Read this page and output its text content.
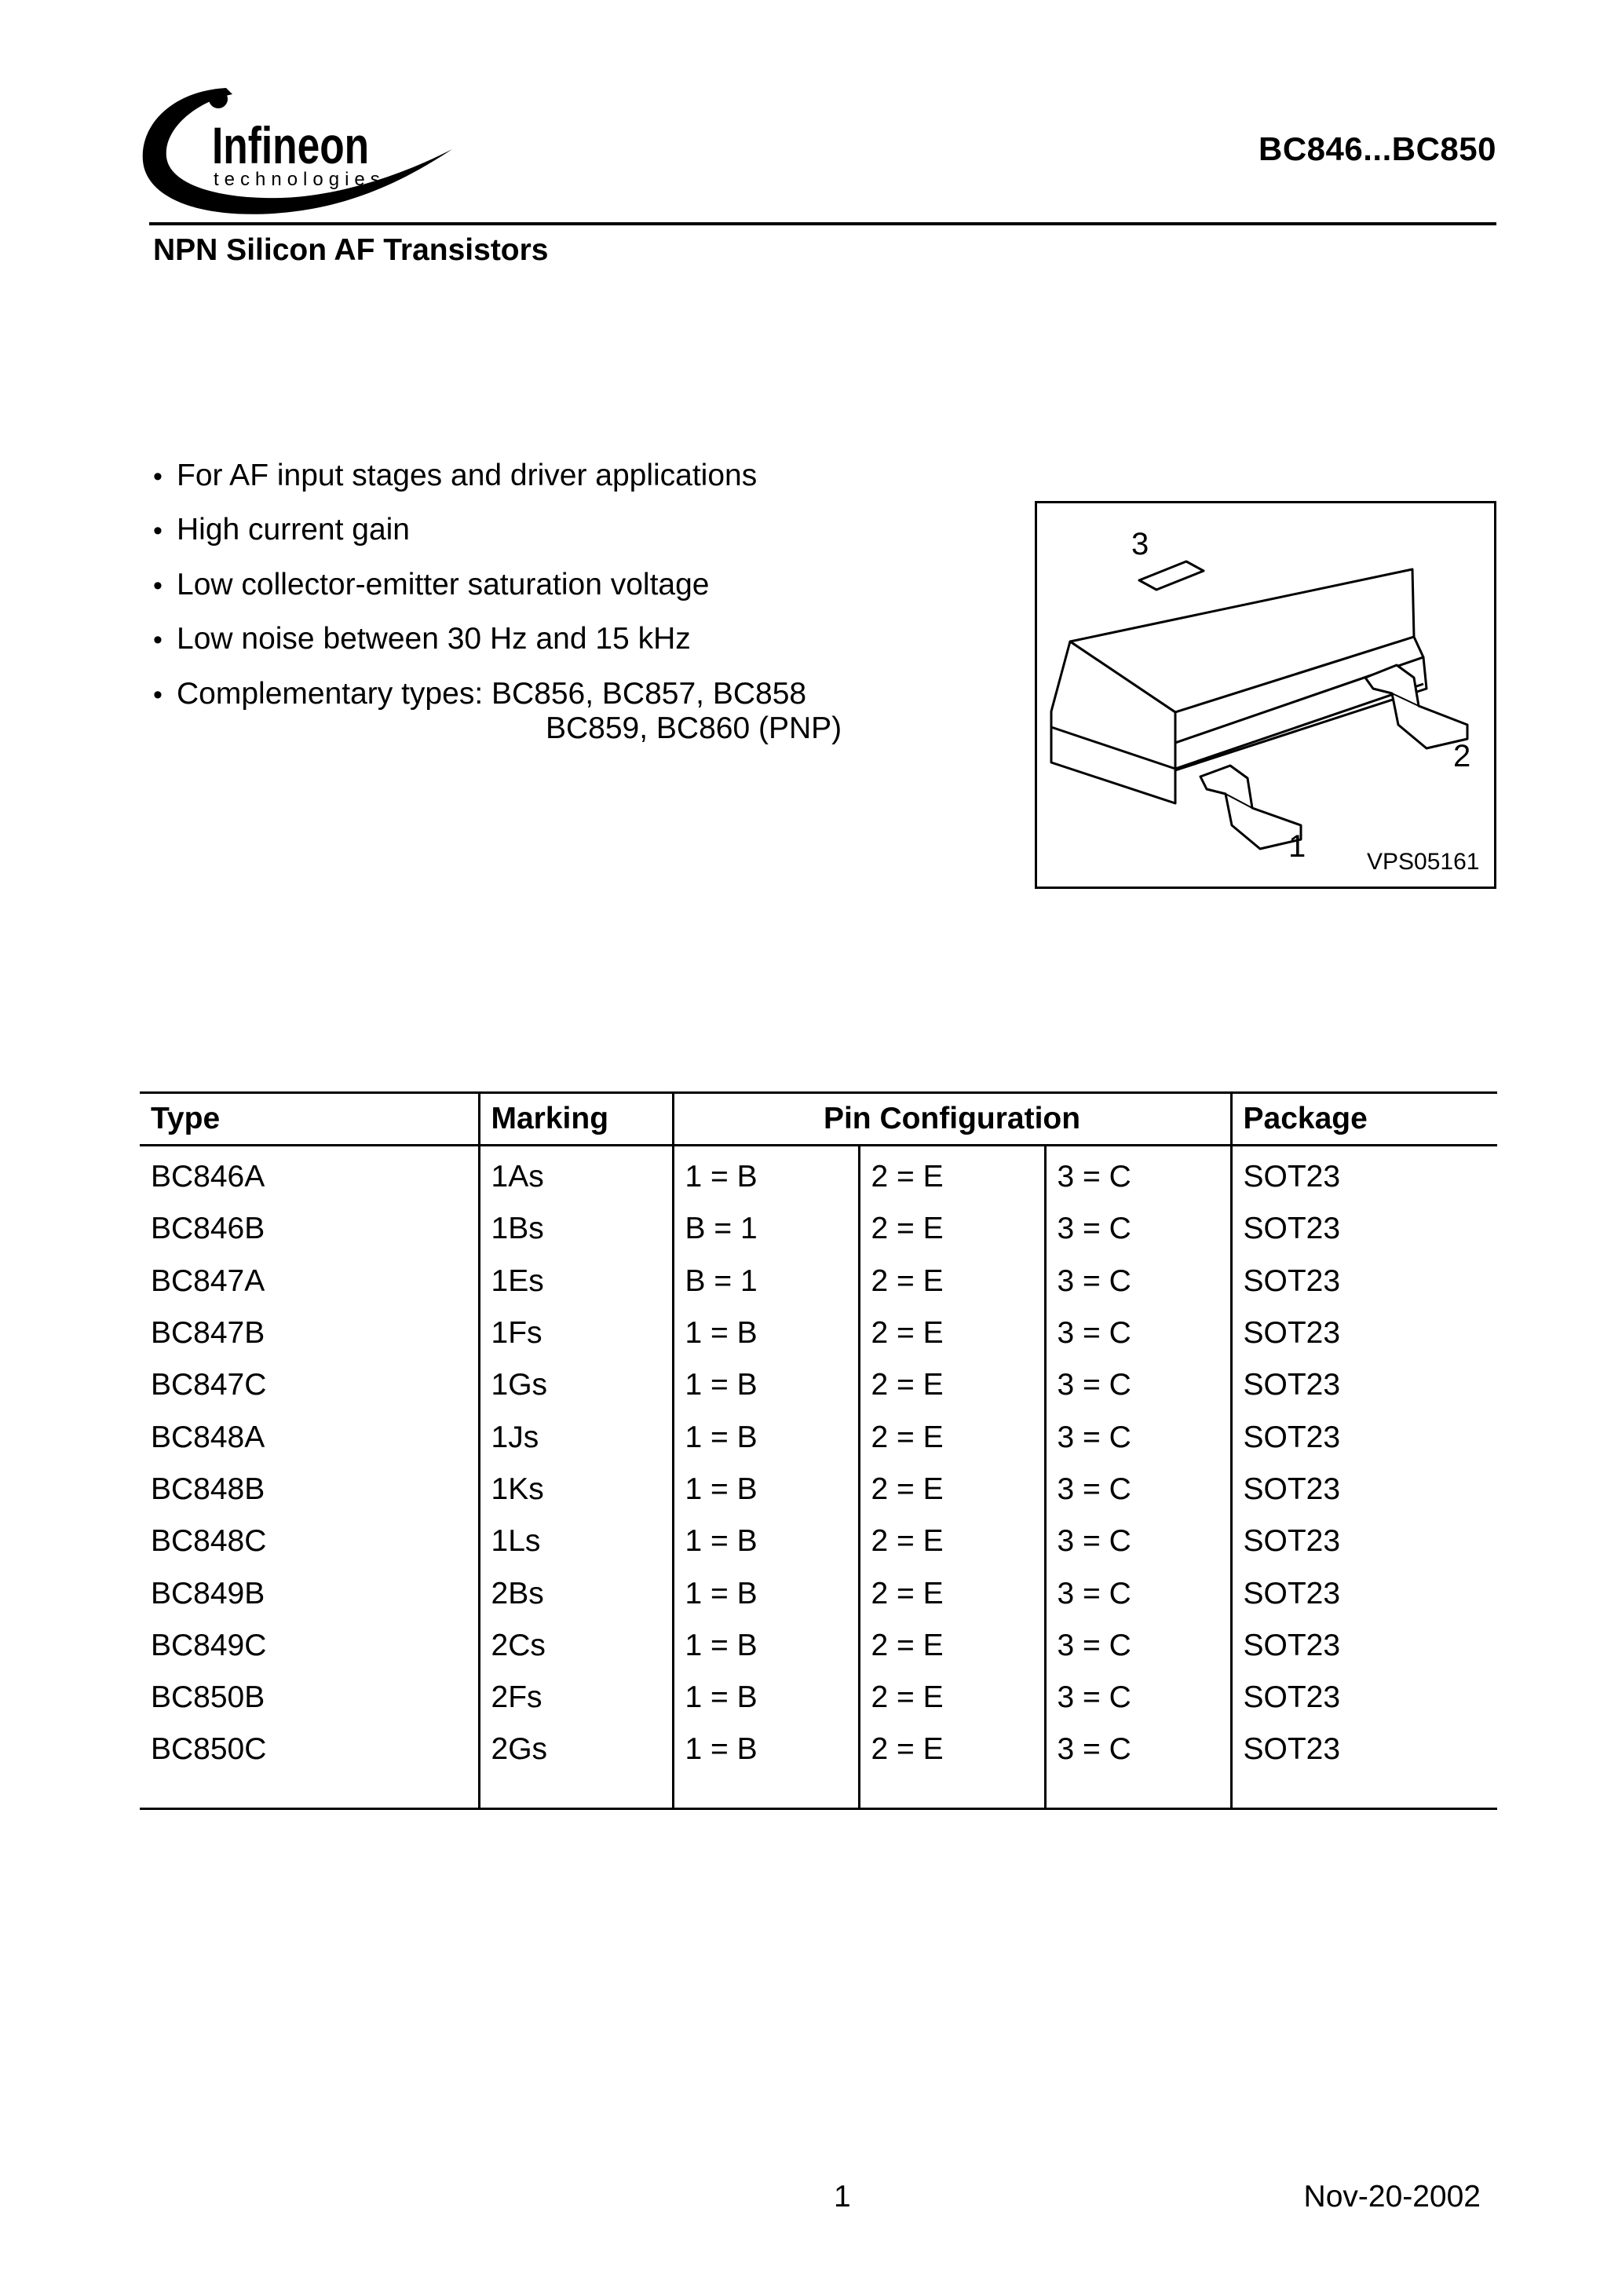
Infineon
technologies
BC846...BC850
NPN Silicon AF Transistors
• For AF input stages and driver applications
• High current gain
• Low collector-emitter saturation voltage
• Low noise between 30 Hz and 15 kHz
• Complementary types: BC856, BC857, BC858
BC859, BC860 (PNP)
3
2
1	VPS05161
Type	Marking	Pin Configuration			Package
BC846A	1As	1 = B	2 = E	3 = C	SOT23
BC846B	1Bs	B = 1	2 = E	3 = C	SOT23
BC847A	1Es	B = 1	2 = E	3 = C	SOT23
BC847B	1Fs	1 = B	2 = E	3 = C	SOT23
BC847C	1Gs	1 = B	2 = E	3 = C	SOT23
BC848A	1Js	1 = B	2 = E	3 = C	SOT23
BC848B	1Ks	1 = B	2 = E	3 = C	SOT23
BC848C	1Ls	1 = B	2 = E	3 = C	SOT23
BC849B	2Bs	1 = B	2 = E	3 = C	SOT23
BC849C	2Cs	1 = B	2 = E	3 = C	SOT23
BC850B	2Fs	1 = B	2 = E	3 = C	SOT23
BC850C	2Gs	1 = B	2 = E	3 = C	SOT23

1	Nov-20-2002
